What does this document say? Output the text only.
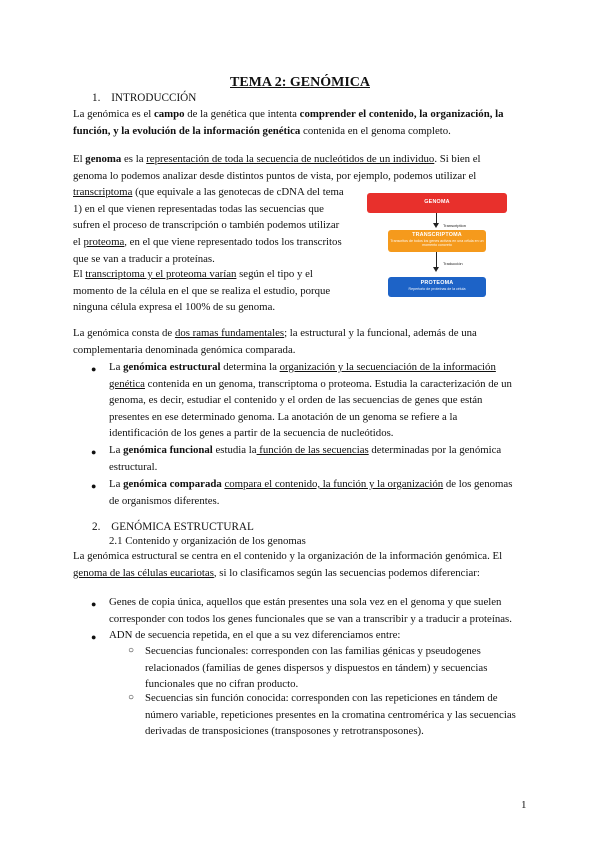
TEMA 2: GENÓMICA
1. INTRODUCCIÓN
La genómica es el campo de la genética que intenta comprender el contenido, la organización, la
función, y la evolución de la información genética contenida en el genoma completo.
El genoma es la representación de toda la secuencia de nucleótidos de un individuo. Si bien el
genoma lo podemos analizar desde distintos puntos de vista, por ejemplo, podemos utilizar el
transcriptoma (que equivale a las genotecas de cDNA del tema
1) en el que vienen representadas todas las secuencias que
sufren el proceso de transcripción o también podemos utilizar
el proteoma, en el que viene representado todos los transcritos
que se van a traducir a proteínas.
El transcriptoma y el proteoma varían según el tipo y el
momento de la célula en el que se realiza el estudio, porque
ninguna célula expresa el 100% de su genoma.
GENOMA
Transcription
TRANSCRIPTOMA
Transcritos de todos los genes activos en una célula en un momento concreto
Traducción
PROTEOMA
Repertorio de proteínas de la célula
La genómica consta de dos ramas fundamentales; la estructural y la funcional, además de una
complementaria denominada genómica comparada.
● La genómica estructural determina la organización y la secuenciación de la información
genética contenida en un genoma, transcriptoma o proteoma. Estudia la caracterización de un
genoma, es decir, estudiar el contenido y el orden de las secuencias de genes que están
presentes en ese determinado genoma. La anotación de un genoma se refiere a la
identificación de los genes a partir de la secuencia de nucleótidos.
● La genómica funcional estudia la función de las secuencias determinadas por la genómica
estructural.
● La genómica comparada compara el contenido, la función y la organización de los genomas
de organismos diferentes.
2. GENÓMICA ESTRUCTURAL
2.1 Contenido y organización de los genomas
La genómica estructural se centra en el contenido y la organización de la información genómica. El
genoma de las células eucariotas, si lo clasificamos según las secuencias podemos diferenciar:
● Genes de copia única, aquellos que están presentes una sola vez en el genoma y que suelen
corresponder con todos los genes funcionales que se van a transcribir y a traducir a proteínas.
● ADN de secuencia repetida, en el que a su vez diferenciamos entre:
○ Secuencias funcionales: corresponden con las familias génicas y pseudogenes
relacionados (familias de genes dispersos y dispuestos en tándem) y secuencias
funcionales que no cifran producto.
○ Secuencias sin función conocida: corresponden con las repeticiones en tándem de
número variable, repeticiones presentes en la cromatina centromérica y las secuencias
derivadas de transposiciones (transposones y retrotransposones).
1
